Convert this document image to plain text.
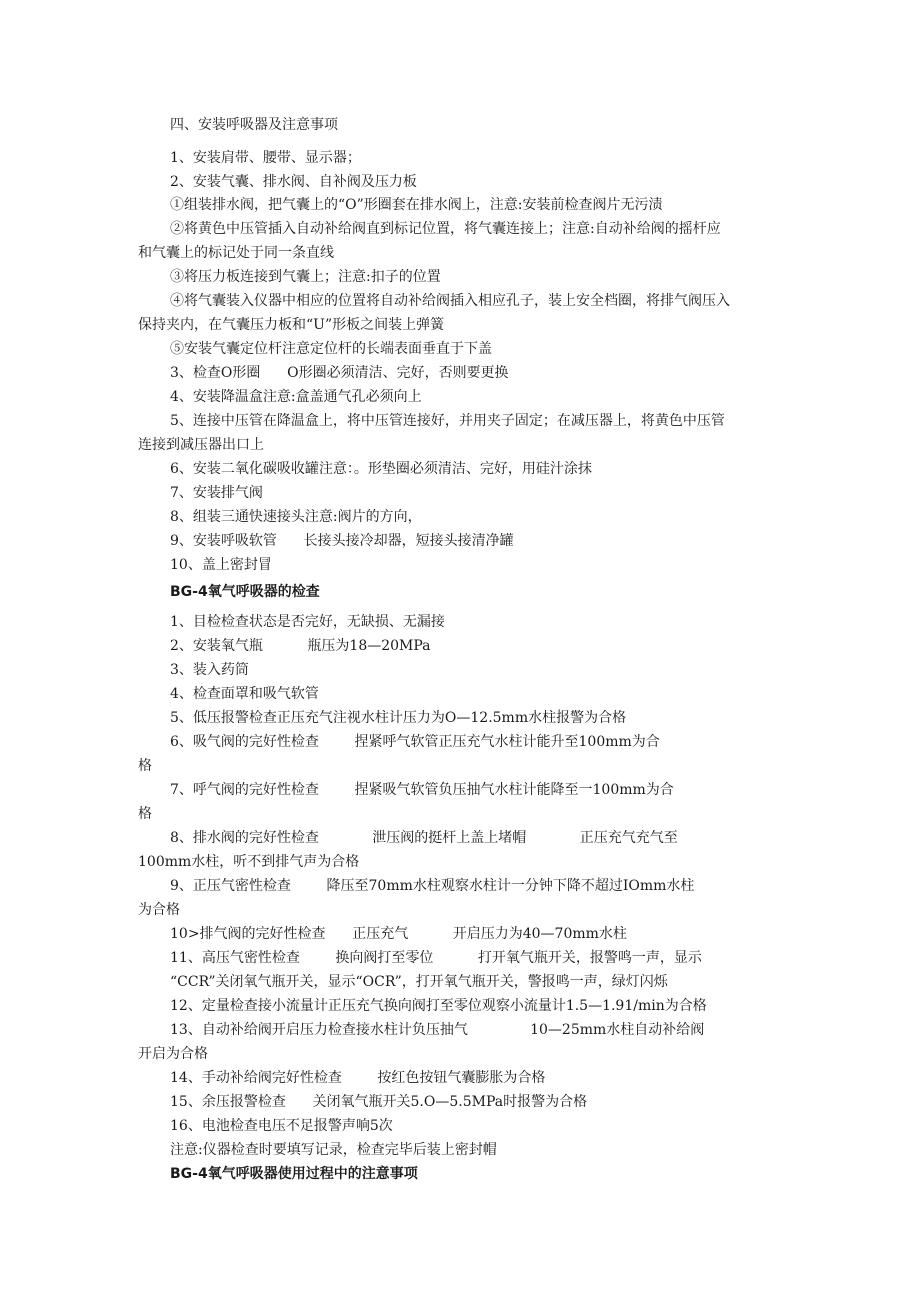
四、安装呼吸器及注意事项
1、安装肩带、腰带、显示器；
2、安装气囊、排水阀、自补阀及压力板
①组装排水阀，把气囊上的“O”形圈套在排水阀上，注意:安装前检查阀片无污渍
②将黄色中压管插入自动补给阀直到标记位置，将气囊连接上；注意:自动补给阀的摇杆应
和气囊上的标记处于同一条直线
③将压力板连接到气囊上；注意:扣子的位置
④将气囊装入仪器中相应的位置将自动补给阀插入相应孔子，装上安全档圈，将排气阀压入
保持夹内，在气囊压力板和“U”形板之间装上弹簧
⑤安装气囊定位杆注意定位杆的长端表面垂直于下盖
3、检查O形圈      O形圈必须清洁、完好，否则要更换
4、安装降温盒注意:盒盖通气孔必须向上
5、连接中压管在降温盒上，将中压管连接好，并用夹子固定；在减压器上，将黄色中压管
连接到减压器出口上
6、安装二氧化碳吸收罐注意：。形垫圈必须清洁、完好，用硅汁涂抹
7、安装排气阀
8、组装三通快速接头注意:阀片的方向，
9、安装呼吸软管      长接头接冷却器，短接头接清净罐
10、盖上密封冒
BG-4氧气呼吸器的检查
1、目检检查状态是否完好，无缺损、无漏接
2、安装氧气瓶          瓶压为18—20MPa
3、装入药筒
4、检查面罩和吸气软管
5、低压报警检查正压充气注视水柱计压力为O—12.5mm水柱报警为合格
6、吸气阀的完好性检查        捏紧呼气软管正压充气水柱计能升至100mm为合
格
7、呼气阀的完好性检查        捏紧吸气软管负压抽气水柱计能降至一100mm为合
格
8、排水阀的完好性检查            泄压阀的挺杆上盖上堵帽            正压充气充气至
100mm水柱，听不到排气声为合格
9、正压气密性检查        降压至70mm水柱观察水柱计一分钟下降不超过IOmm水柱
为合格
10>排气阀的完好性检查      正压充气          开启压力为40—70mm水柱
11、高压气密性检查        换向阀打至零位          打开氧气瓶开关，报警鸣一声，显示
“CCR”关闭氧气瓶开关，显示“OCR”，打开氧气瓶开关，警报鸣一声，绿灯闪烁
12、定量检查接小流量计正压充气换向阀打至零位观察小流量计1.5—1.91/min为合格
13、自动补给阀开启压力检查接水柱计负压抽气              10—25mm水柱自动补给阀
开启为合格
14、手动补给阀完好性检查        按红色按钮气囊膨胀为合格
15、余压报警检查      关闭氧气瓶开关5.O—5.5MPa时报警为合格
16、电池检查电压不足报警声响5次
注意:仪器检查时要填写记录，检查完毕后装上密封帽
BG-4氧气呼吸器使用过程中的注意事项
